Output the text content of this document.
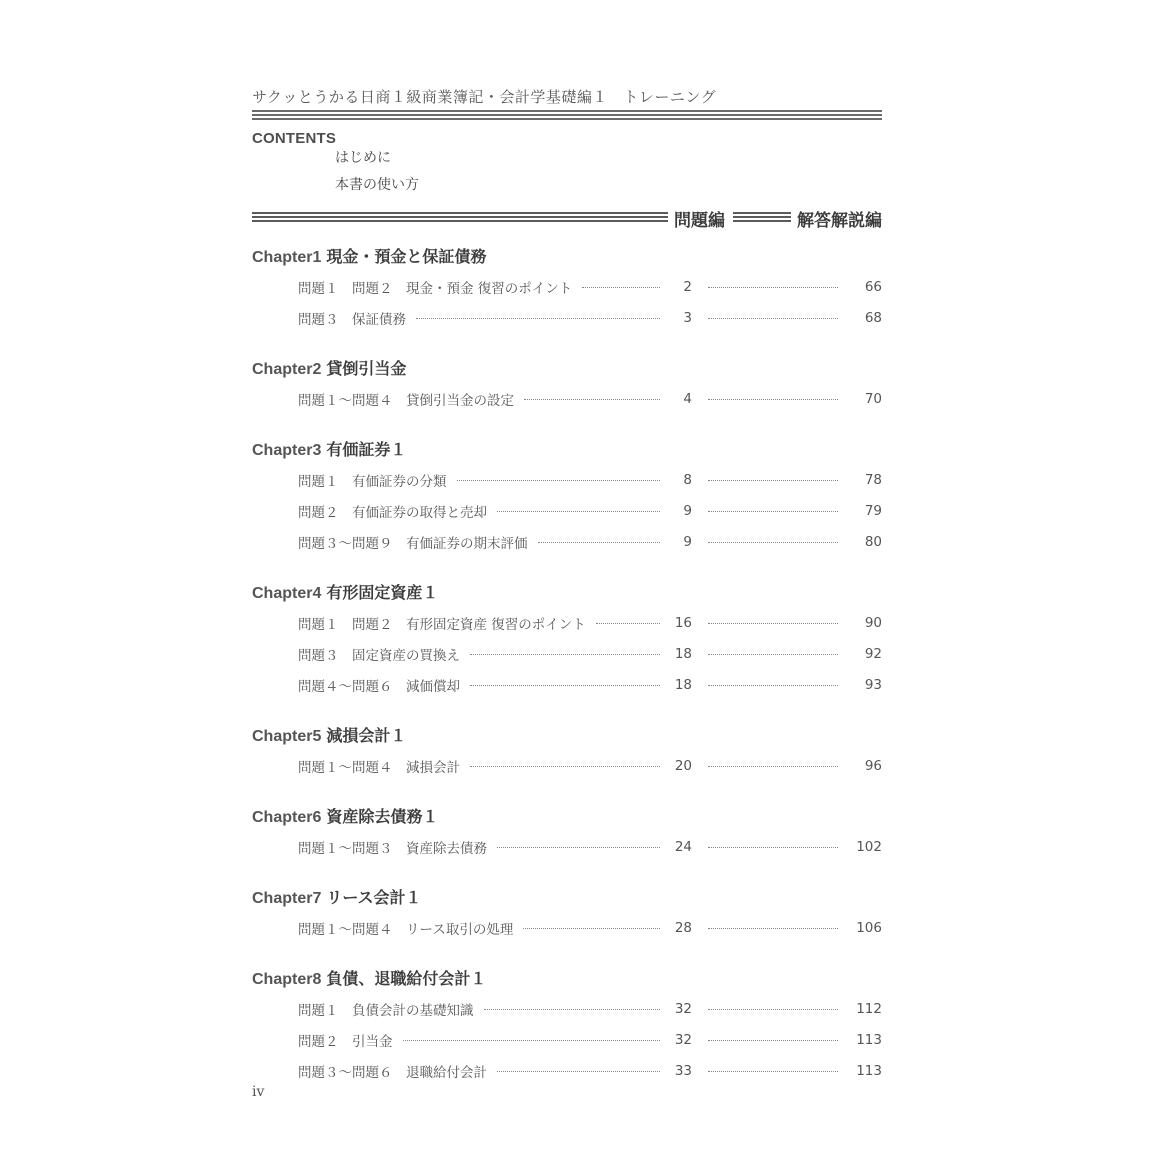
サクッとうかる日商１級商業簿記・会計学基礎編１　トレーニング
CONTENTS
はじめに
本書の使い方
問題編	解答解説編
Chapter1 現金・預金と保証債務
問題１　問題２　現金・預金 復習のポイント	2	66
問題３　保証債務	3	68
Chapter2 貸倒引当金
問題１～問題４　貸倒引当金の設定	4	70
Chapter3 有価証券１
問題１　有価証券の分類	8	78
問題２　有価証券の取得と売却	9	79
問題３～問題９　有価証券の期末評価	9	80
Chapter4 有形固定資産１
問題１　問題２　有形固定資産 復習のポイント	16	90
問題３　固定資産の買換え	18	92
問題４～問題６　減価償却	18	93
Chapter5 減損会計１
問題１～問題４　減損会計	20	96
Chapter6 資産除去債務１
問題１～問題３　資産除去債務	24	102
Chapter7 リース会計１
問題１～問題４　リース取引の処理	28	106
Chapter8 負債、退職給付会計１
問題１　負債会計の基礎知識	32	112
問題２　引当金	32	113
問題３～問題６　退職給付会計	33	113
iv
